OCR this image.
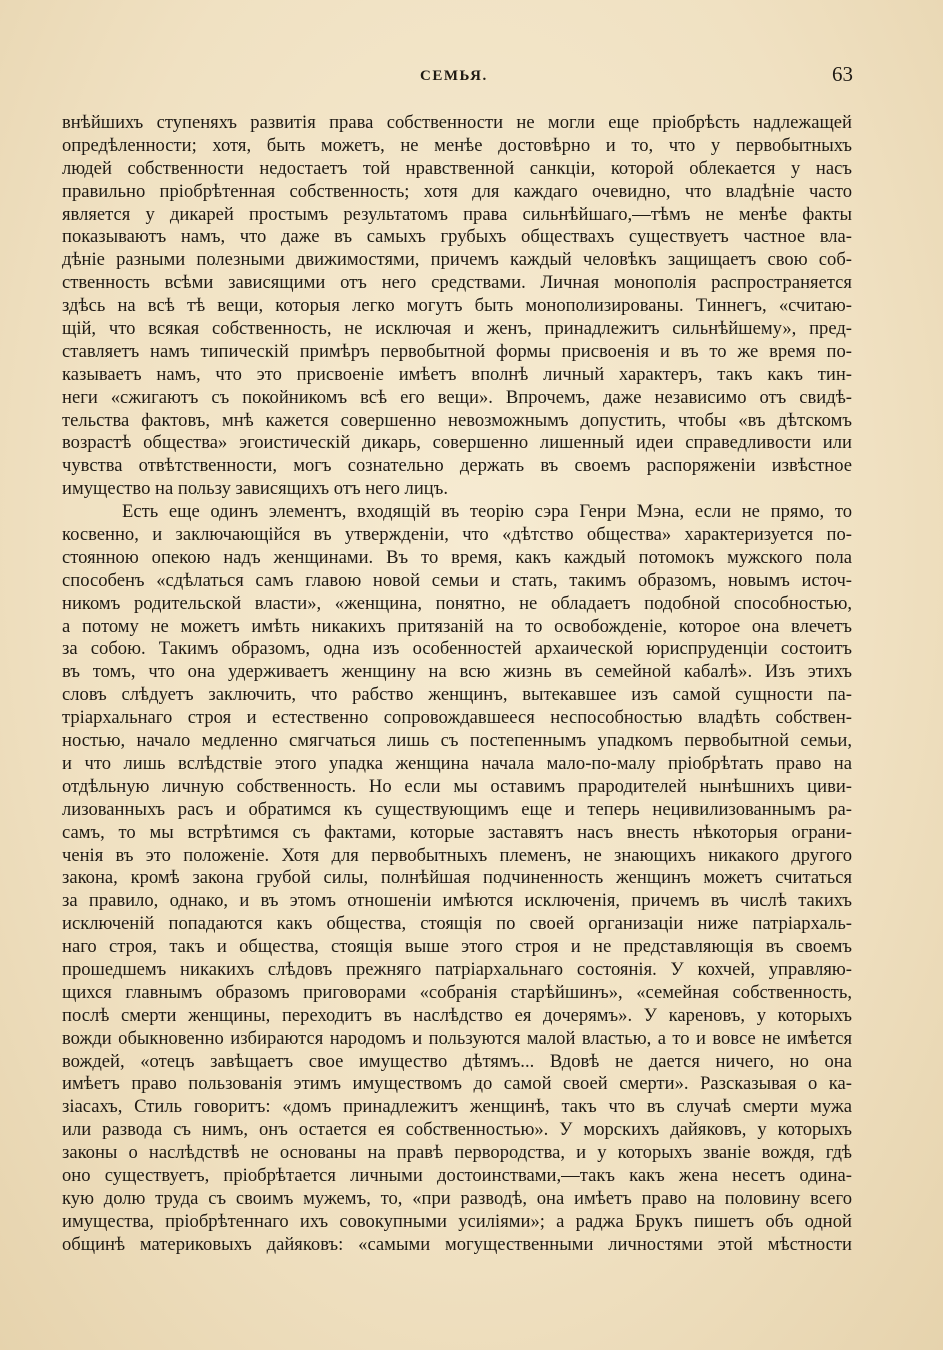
СЕМЬЯ.	63
внѣйшихъ ступеняхъ развитія права собственности не могли еще пріобрѣсть надлежащей
опредѣленности; хотя, быть можетъ, не менѣе достовѣрно и то, что у первобытныхъ
людей собственности недостаетъ той нравственной санкціи, которой облекается у насъ
правильно пріобрѣтенная собственность; хотя для каждаго очевидно, что владѣніе часто
является у дикарей простымъ результатомъ права сильнѣйшаго,—тѣмъ не менѣе факты
показываютъ намъ, что даже въ самыхъ грубыхъ обществахъ существуетъ частное вла-
дѣніе разными полезными движимостями, причемъ каждый человѣкъ защищаетъ свою соб-
ственность всѣми зависящими отъ него средствами. Личная монополія распространяется
здѣсь на всѣ тѣ вещи, которыя легко могутъ быть монополизированы. Тиннегъ, «считаю-
щій, что всякая собственность, не исключая и женъ, принадлежитъ сильнѣйшему», пред-
ставляетъ намъ типическій примѣръ первобытной формы присвоенія и въ то же время по-
казываетъ намъ, что это присвоеніе имѣетъ вполнѣ личный характеръ, такъ какъ тин-
неги «сжигаютъ съ покойникомъ всѣ его вещи». Впрочемъ, даже независимо отъ свидѣ-
тельства фактовъ, мнѣ кажется совершенно невозможнымъ допустить, чтобы «въ дѣтскомъ
возрастѣ общества» эгоистическій дикарь, совершенно лишенный идеи справедливости или
чувства отвѣтственности, могъ сознательно держать въ своемъ распоряженіи извѣстное
имущество на пользу зависящихъ отъ него лицъ.
Есть еще одинъ элементъ, входящій въ теорію сэра Генри Мэна, если не прямо, то
косвенно, и заключающійся въ утвержденіи, что «дѣтство общества» характеризуется по-
стоянною опекою надъ женщинами. Въ то время, какъ каждый потомокъ мужского пола
способенъ «сдѣлаться самъ главою новой семьи и стать, такимъ образомъ, новымъ источ-
никомъ родительской власти», «женщина, понятно, не обладаетъ подобной способностью,
а потому не можетъ имѣть никакихъ притязаній на то освобожденіе, которое она влечетъ
за собою. Такимъ образомъ, одна изъ особенностей архаической юриспруденціи состоитъ
въ томъ, что она удерживаетъ женщину на всю жизнь въ семейной кабалѣ». Изъ этихъ
словъ слѣдуетъ заключить, что рабство женщинъ, вытекавшее изъ самой сущности па-
тріархальнаго строя и естественно сопровождавшееся неспособностью владѣть собствен-
ностью, начало медленно смягчаться лишь съ постепеннымъ упадкомъ первобытной семьи,
и что лишь вслѣдствіе этого упадка женщина начала мало-по-малу пріобрѣтать право на
отдѣльную личную собственность. Но если мы оставимъ прародителей нынѣшнихъ циви-
лизованныхъ расъ и обратимся къ существующимъ еще и теперь нецивилизованнымъ ра-
самъ, то мы встрѣтимся съ фактами, которые заставятъ насъ внесть нѣкоторыя ограни-
ченія въ это положеніе. Хотя для первобытныхъ племенъ, не знающихъ никакого другого
закона, кромѣ закона грубой силы, полнѣйшая подчиненность женщинъ можетъ считаться
за правило, однако, и въ этомъ отношеніи имѣются исключенія, причемъ въ числѣ такихъ
исключеній попадаются какъ общества, стоящія по своей организаціи ниже патріархаль-
наго строя, такъ и общества, стоящія выше этого строя и не представляющія въ своемъ
прошедшемъ никакихъ слѣдовъ прежняго патріархальнаго состоянія. У кохчей, управляю-
щихся главнымъ образомъ приговорами «собранія старѣйшинъ», «семейная собственность,
послѣ смерти женщины, переходитъ въ наслѣдство ея дочерямъ». У кареновъ, у которыхъ
вожди обыкновенно избираются народомъ и пользуются малой властью, а то и вовсе не имѣется
вождей, «отецъ завѣщаетъ свое имущество дѣтямъ... Вдовѣ не дается ничего, но она
имѣетъ право пользованія этимъ имуществомъ до самой своей смерти». Разсказывая о ка-
зіасахъ, Стиль говоритъ: «домъ принадлежитъ женщинѣ, такъ что въ случаѣ смерти мужа
или развода съ нимъ, онъ остается ея собственностью». У морскихъ дайяковъ, у которыхъ
законы о наслѣдствѣ не основаны на правѣ первородства, и у которыхъ званіе вождя, гдѣ
оно существуетъ, пріобрѣтается личными достоинствами,—такъ какъ жена несетъ одина-
кую долю труда съ своимъ мужемъ, то, «при разводѣ, она имѣетъ право на половину всего
имущества, пріобрѣтеннаго ихъ совокупными усиліями»; а раджа Брукъ пишетъ объ одной
общинѣ материковыхъ дайяковъ: «самыми могущественными личностями этой мѣстности
